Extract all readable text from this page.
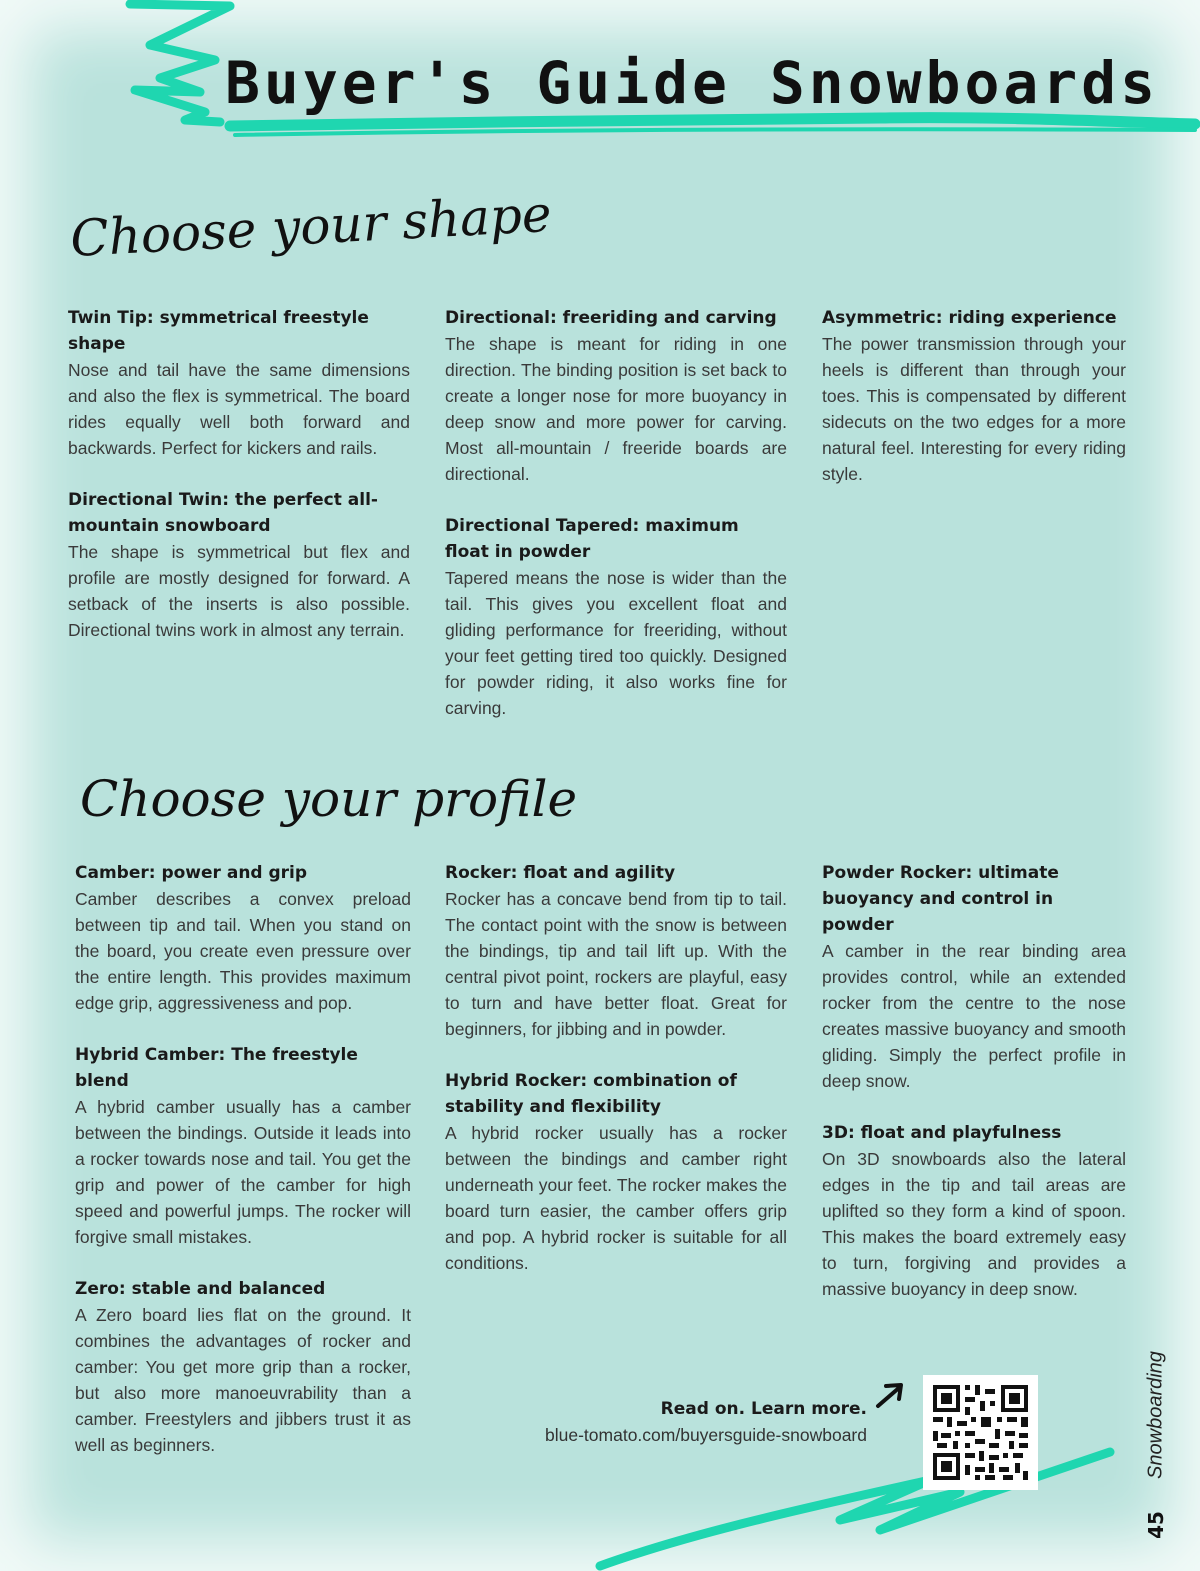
Buyer's Guide Snowboards
Choose your shape
Twin Tip: symmetrical freestyle shape

Nose and tail have the same dimensions and also the flex is symmetrical. The board rides equally well both forward and backwards. Perfect for kickers and rails.

Directional Twin: the perfect all-mountain snowboard

The shape is symmetrical but flex and profile are mostly designed for forward. A setback of the inserts is also possible. Directional twins work in almost any terrain.

Directional: freeriding and carving

The shape is meant for riding in one direction. The binding position is set back to create a longer nose for more buoyancy in deep snow and more power for carving. Most all-mountain / freeride boards are directional.

Directional Tapered: maximum float in powder

Tapered means the nose is wider than the tail. This gives you excellent float and gliding performance for freeriding, without your feet getting tired too quickly. Designed for powder riding, it also works fine for carving.

Asymmetric: riding experience

The power transmission through your heels is different than through your toes. This is compensated by different sidecuts on the two edges for a more natural feel. Interesting for every riding style.

Choose your profile
Camber: power and grip

Camber describes a convex preload between tip and tail. When you stand on the board, you create even pressure over the entire length. This provides maximum edge grip, aggressiveness and pop.

Hybrid Camber: The freestyle blend

A hybrid camber usually has a camber between the bindings. Outside it leads into a rocker towards nose and tail. You get the grip and power of the camber for high speed and powerful jumps. The rocker will forgive small mistakes.

Zero: stable and balanced

A Zero board lies flat on the ground. It combines the advantages of rocker and camber: You get more grip than a rocker, but also more manoeuvrability than a camber. Freestylers and jibbers trust it as well as beginners.

Rocker: float and agility

Rocker has a concave bend from tip to tail. The contact point with the snow is between the bindings, tip and tail lift up. With the central pivot point, rockers are playful, easy to turn and have better float. Great for beginners, for jibbing and in powder.

Hybrid Rocker: combination of stability and flexibility

A hybrid rocker usually has a rocker between the bindings and camber right underneath your feet. The rocker makes the board turn easier, the camber offers grip and pop. A hybrid rocker is suitable for all conditions.

Powder Rocker: ultimate buoyancy and control in powder

A camber in the rear binding area provides control, while an extended rocker from the centre to the nose creates massive buoyancy and smooth gliding. Simply the perfect profile in deep snow.

3D: float and playfulness

On 3D snowboards also the lateral edges in the tip and tail areas are uplifted so they form a kind of spoon. This makes the board extremely easy to turn, forgiving and provides a massive buoyancy in deep snow.

Read on. Learn more.
blue-tomato.com/buyersguide-snowboard	Snowboarding
45
